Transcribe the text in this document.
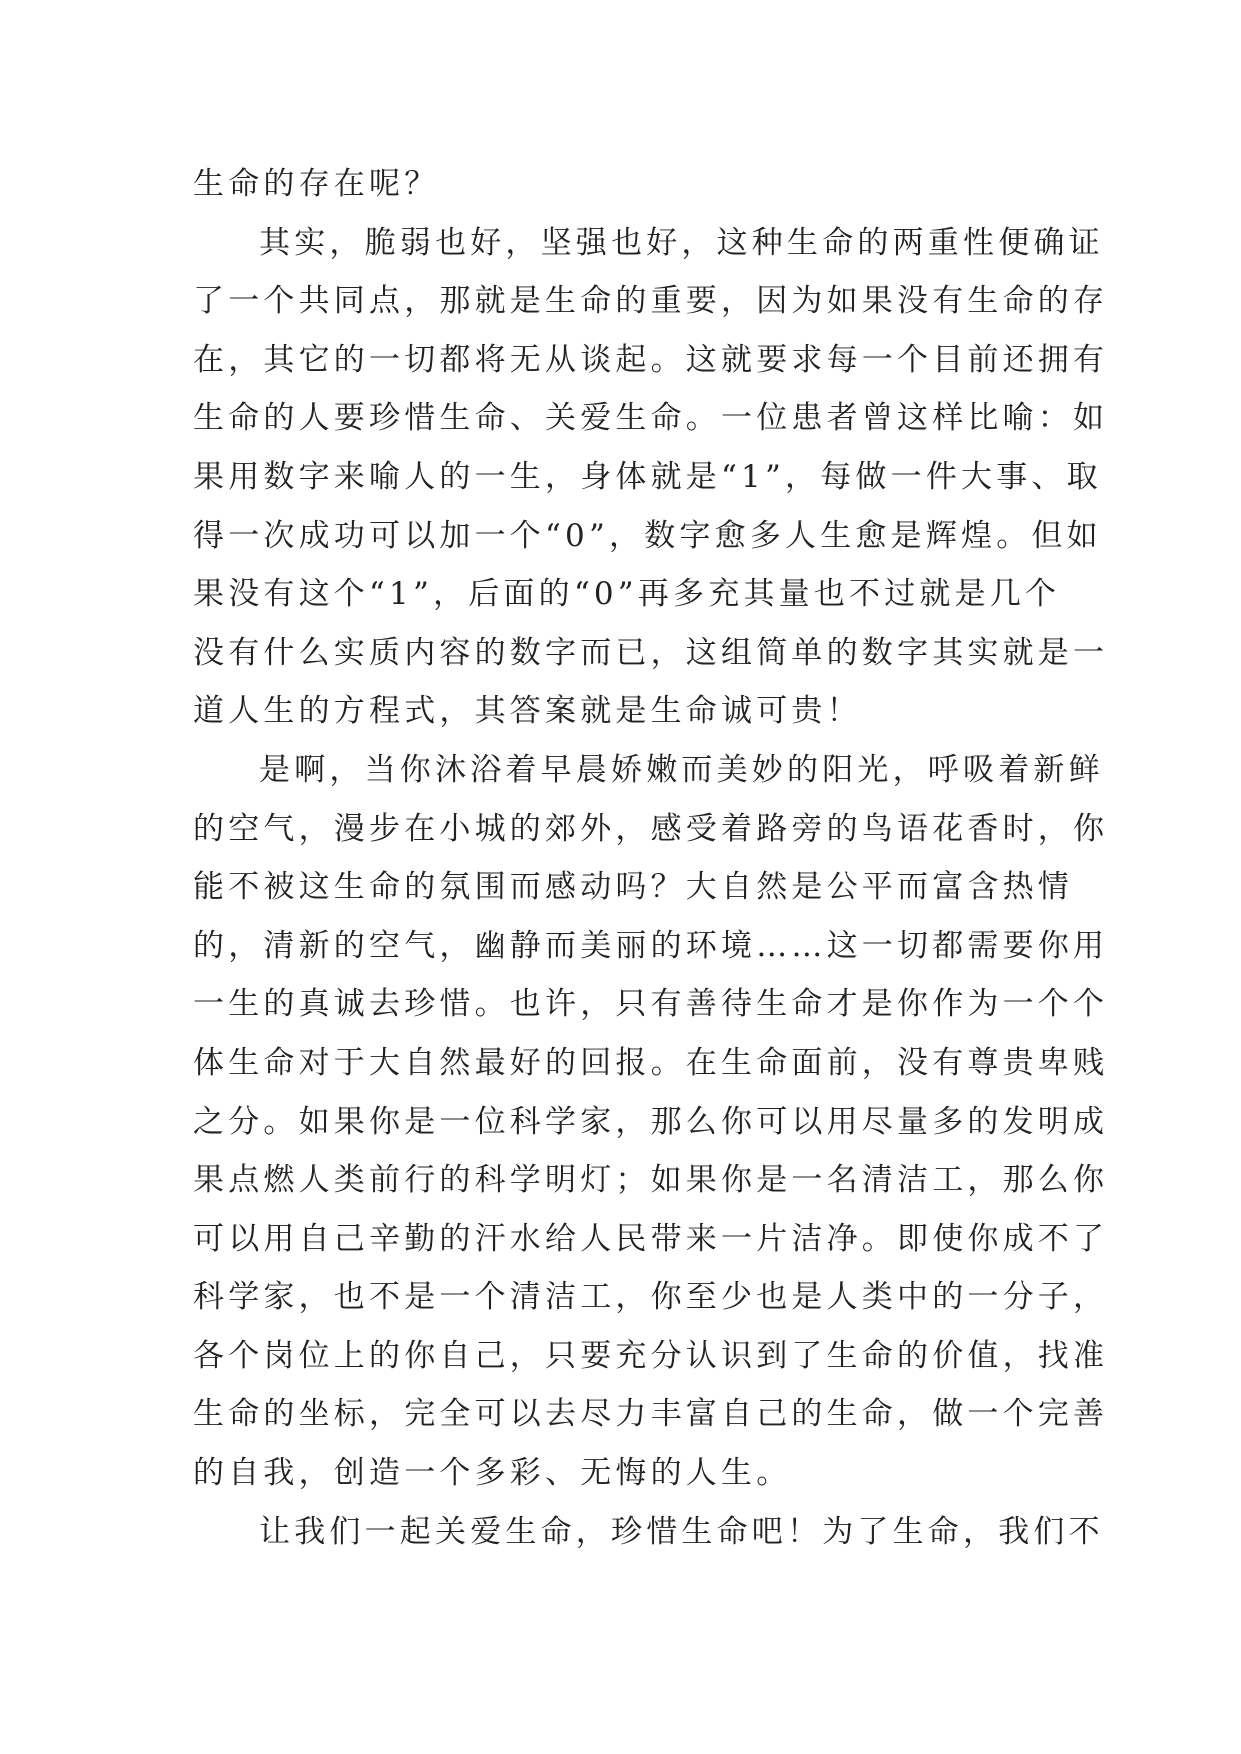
生命的存在呢？
其实，脆弱也好，坚强也好，这种生命的两重性便确证
了一个共同点，那就是生命的重要，因为如果没有生命的存
在，其它的一切都将无从谈起。这就要求每一个目前还拥有
生命的人要珍惜生命、关爱生命。一位患者曾这样比喻：如
果用数字来喻人的一生，身体就是“1”，每做一件大事、取
得一次成功可以加一个“0”，数字愈多人生愈是辉煌。但如
果没有这个“1”，后面的“0”再多充其量也不过就是几个
没有什么实质内容的数字而已，这组简单的数字其实就是一
道人生的方程式，其答案就是生命诚可贵！
是啊，当你沐浴着早晨娇嫩而美妙的阳光，呼吸着新鲜
的空气，漫步在小城的郊外，感受着路旁的鸟语花香时，你
能不被这生命的氛围而感动吗？大自然是公平而富含热情
的，清新的空气，幽静而美丽的环境……这一切都需要你用
一生的真诚去珍惜。也许，只有善待生命才是你作为一个个
体生命对于大自然最好的回报。在生命面前，没有尊贵卑贱
之分。如果你是一位科学家，那么你可以用尽量多的发明成
果点燃人类前行的科学明灯；如果你是一名清洁工，那么你
可以用自己辛勤的汗水给人民带来一片洁净。即使你成不了
科学家，也不是一个清洁工，你至少也是人类中的一分子，
各个岗位上的你自己，只要充分认识到了生命的价值，找准
生命的坐标，完全可以去尽力丰富自己的生命，做一个完善
的自我，创造一个多彩、无悔的人生。
让我们一起关爱生命，珍惜生命吧！为了生命，我们不
